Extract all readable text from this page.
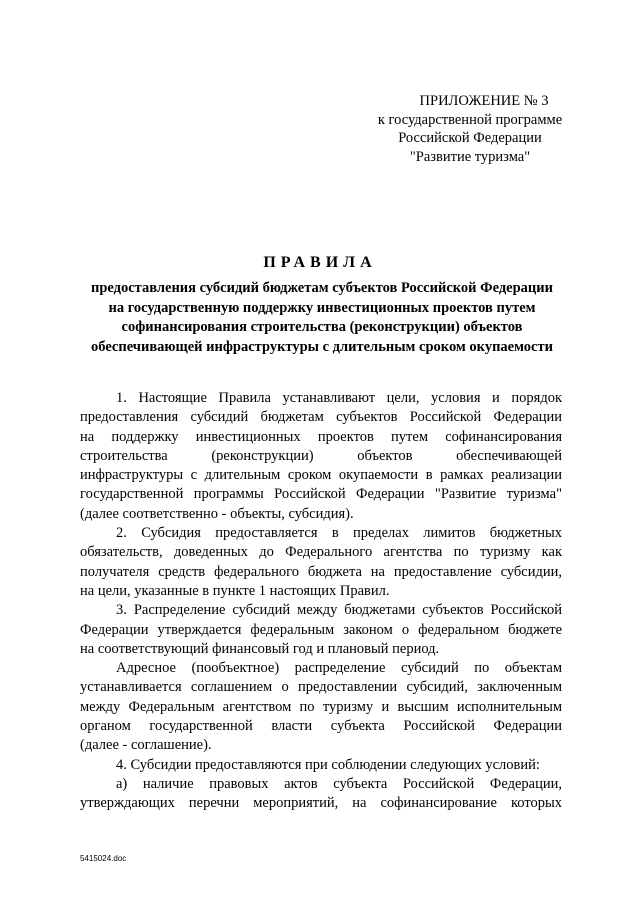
ПРИЛОЖЕНИЕ № 3
к государственной программе
Российской Федерации
"Развитие туризма"
ПРАВИЛА
предоставления субсидий бюджетам субъектов Российской Федерации
на государственную поддержку инвестиционных проектов путем
софинансирования строительства (реконструкции) объектов
обеспечивающей инфраструктуры с длительным сроком окупаемости
1. Настоящие Правила устанавливают цели, условия и порядок
предоставления субсидий бюджетам субъектов Российской Федерации
на поддержку инвестиционных проектов путем софинансирования
строительства (реконструкции) объектов обеспечивающей
инфраструктуры с длительным сроком окупаемости в рамках реализации
государственной программы Российской Федерации "Развитие туризма"
(далее соответственно - объекты, субсидия).
2. Субсидия предоставляется в пределах лимитов бюджетных
обязательств, доведенных до Федерального агентства по туризму как
получателя средств федерального бюджета на предоставление субсидии,
на цели, указанные в пункте 1 настоящих Правил.
3. Распределение субсидий между бюджетами субъектов Российской
Федерации утверждается федеральным законом о федеральном бюджете
на соответствующий финансовый год и плановый период.
Адресное (пообъектное) распределение субсидий по объектам
устанавливается соглашением о предоставлении субсидий, заключенным
между Федеральным агентством по туризму и высшим исполнительным
органом государственной власти субъекта Российской Федерации
(далее - соглашение).
4. Субсидии предоставляются при соблюдении следующих условий:
а) наличие правовых актов субъекта Российской Федерации,
утверждающих перечни мероприятий, на софинансирование которых
5415024.doc
